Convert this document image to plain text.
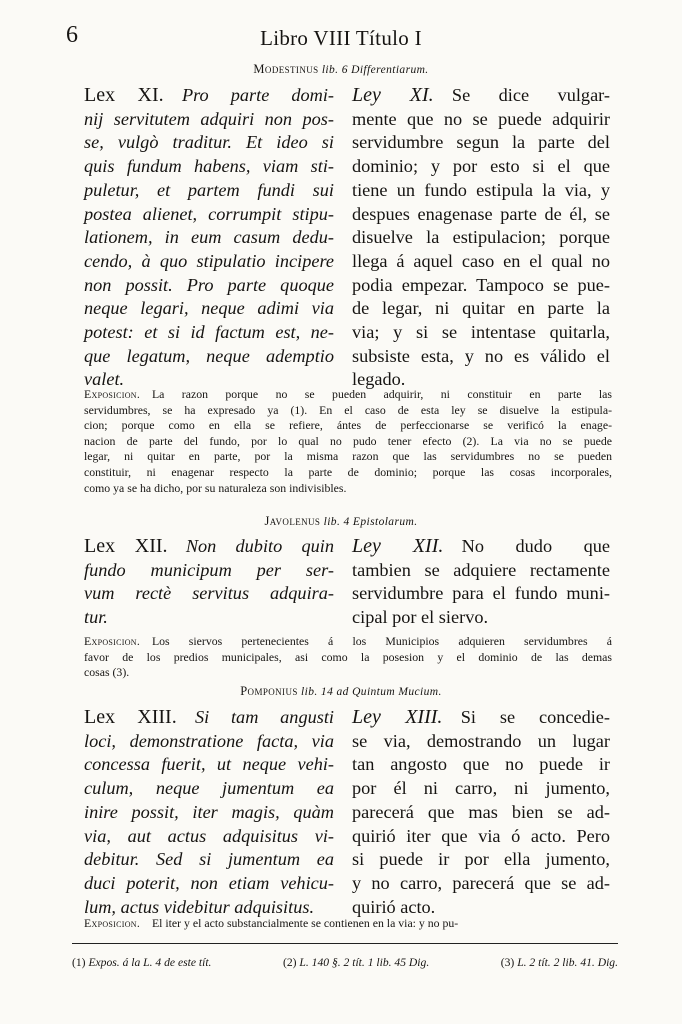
6	Libro VIII Título I
Modestinus lib. 6 Differentiarum.
Lex XI.  Pro parte domi-
nij servitutem adquiri non pos-
se, vulgò traditur. Et ideo si
quis fundum habens, viam sti-
puletur, et partem fundi sui
postea alienet, corrumpit stipu-
lationem, in eum casum dedu-
cendo, à quo stipulatio incipere
non possit. Pro parte quoque
neque legari, neque adimi via
potest: et si id factum est, ne-
que legatum, neque ademptio
valet.
Ley XI.  Se dice vulgar-
mente que no se puede adquirir
servidumbre segun la parte del
dominio; y por esto si el que
tiene un fundo estipula la via, y
despues enagenase parte de él, se
disuelve la estipulacion; porque
llega á aquel caso en el qual no
podia empezar. Tampoco se pue-
de legar, ni quitar en parte la
via; y si se intentase quitarla,
subsiste esta, y no es válido el
legado.
Exposicion.  La razon porque no se pueden adquirir, ni constituir en parte las
servidumbres, se ha expresado ya (1). En el caso de esta ley se disuelve la estipula-
cion; porque como en ella se refiere, ántes de perfeccionarse se verificó la enage-
nacion de parte del fundo, por lo qual no pudo tener efecto (2). La via no se puede
legar, ni quitar en parte, por la misma razon que las servidumbres no se pueden
constituir, ni enagenar respecto la parte de dominio; porque las cosas incorporales,
como ya se ha dicho, por su naturaleza son indivisibles.
Javolenus lib. 4 Epistolarum.
Lex XII.  Non dubito quin
fundo municipum per ser-
vum rectè servitus adquira-
tur.
Ley XII.  No dudo que
tambien se adquiere rectamente
servidumbre para el fundo muni-
cipal por el siervo.
Exposicion.  Los siervos pertenecientes á los Municipios adquieren servidumbres á
favor de los predios municipales, asi como la posesion y el dominio de las demas
cosas (3).
Pomponius lib. 14 ad Quintum Mucium.
Lex XIII.  Si tam angusti
loci, demonstratione facta, via
concessa fuerit, ut neque vehi-
culum, neque jumentum ea
inire possit, iter magis, quàm
via, aut actus adquisitus vi-
debitur. Sed si jumentum ea
duci poterit, non etiam vehicu-
lum, actus videbitur adquisitus.
Ley XIII.  Si se concedie-
se via, demostrando un lugar
tan angosto que no puede ir
por él ni carro, ni jumento,
parecerá que mas bien se ad-
quirió iter que via ó acto. Pero
si puede ir por ella jumento,
y no carro, parecerá que se ad-
quirió acto.
Exposicion.  El iter y el acto substancialmente se contienen en la via: y no pu-
(1) Expos. á la L. 4 de este tít.	(2) L. 140 §. 2 tít. 1 lib. 45 Dig.	(3) L. 2 tít. 2 lib. 41. Dig.
